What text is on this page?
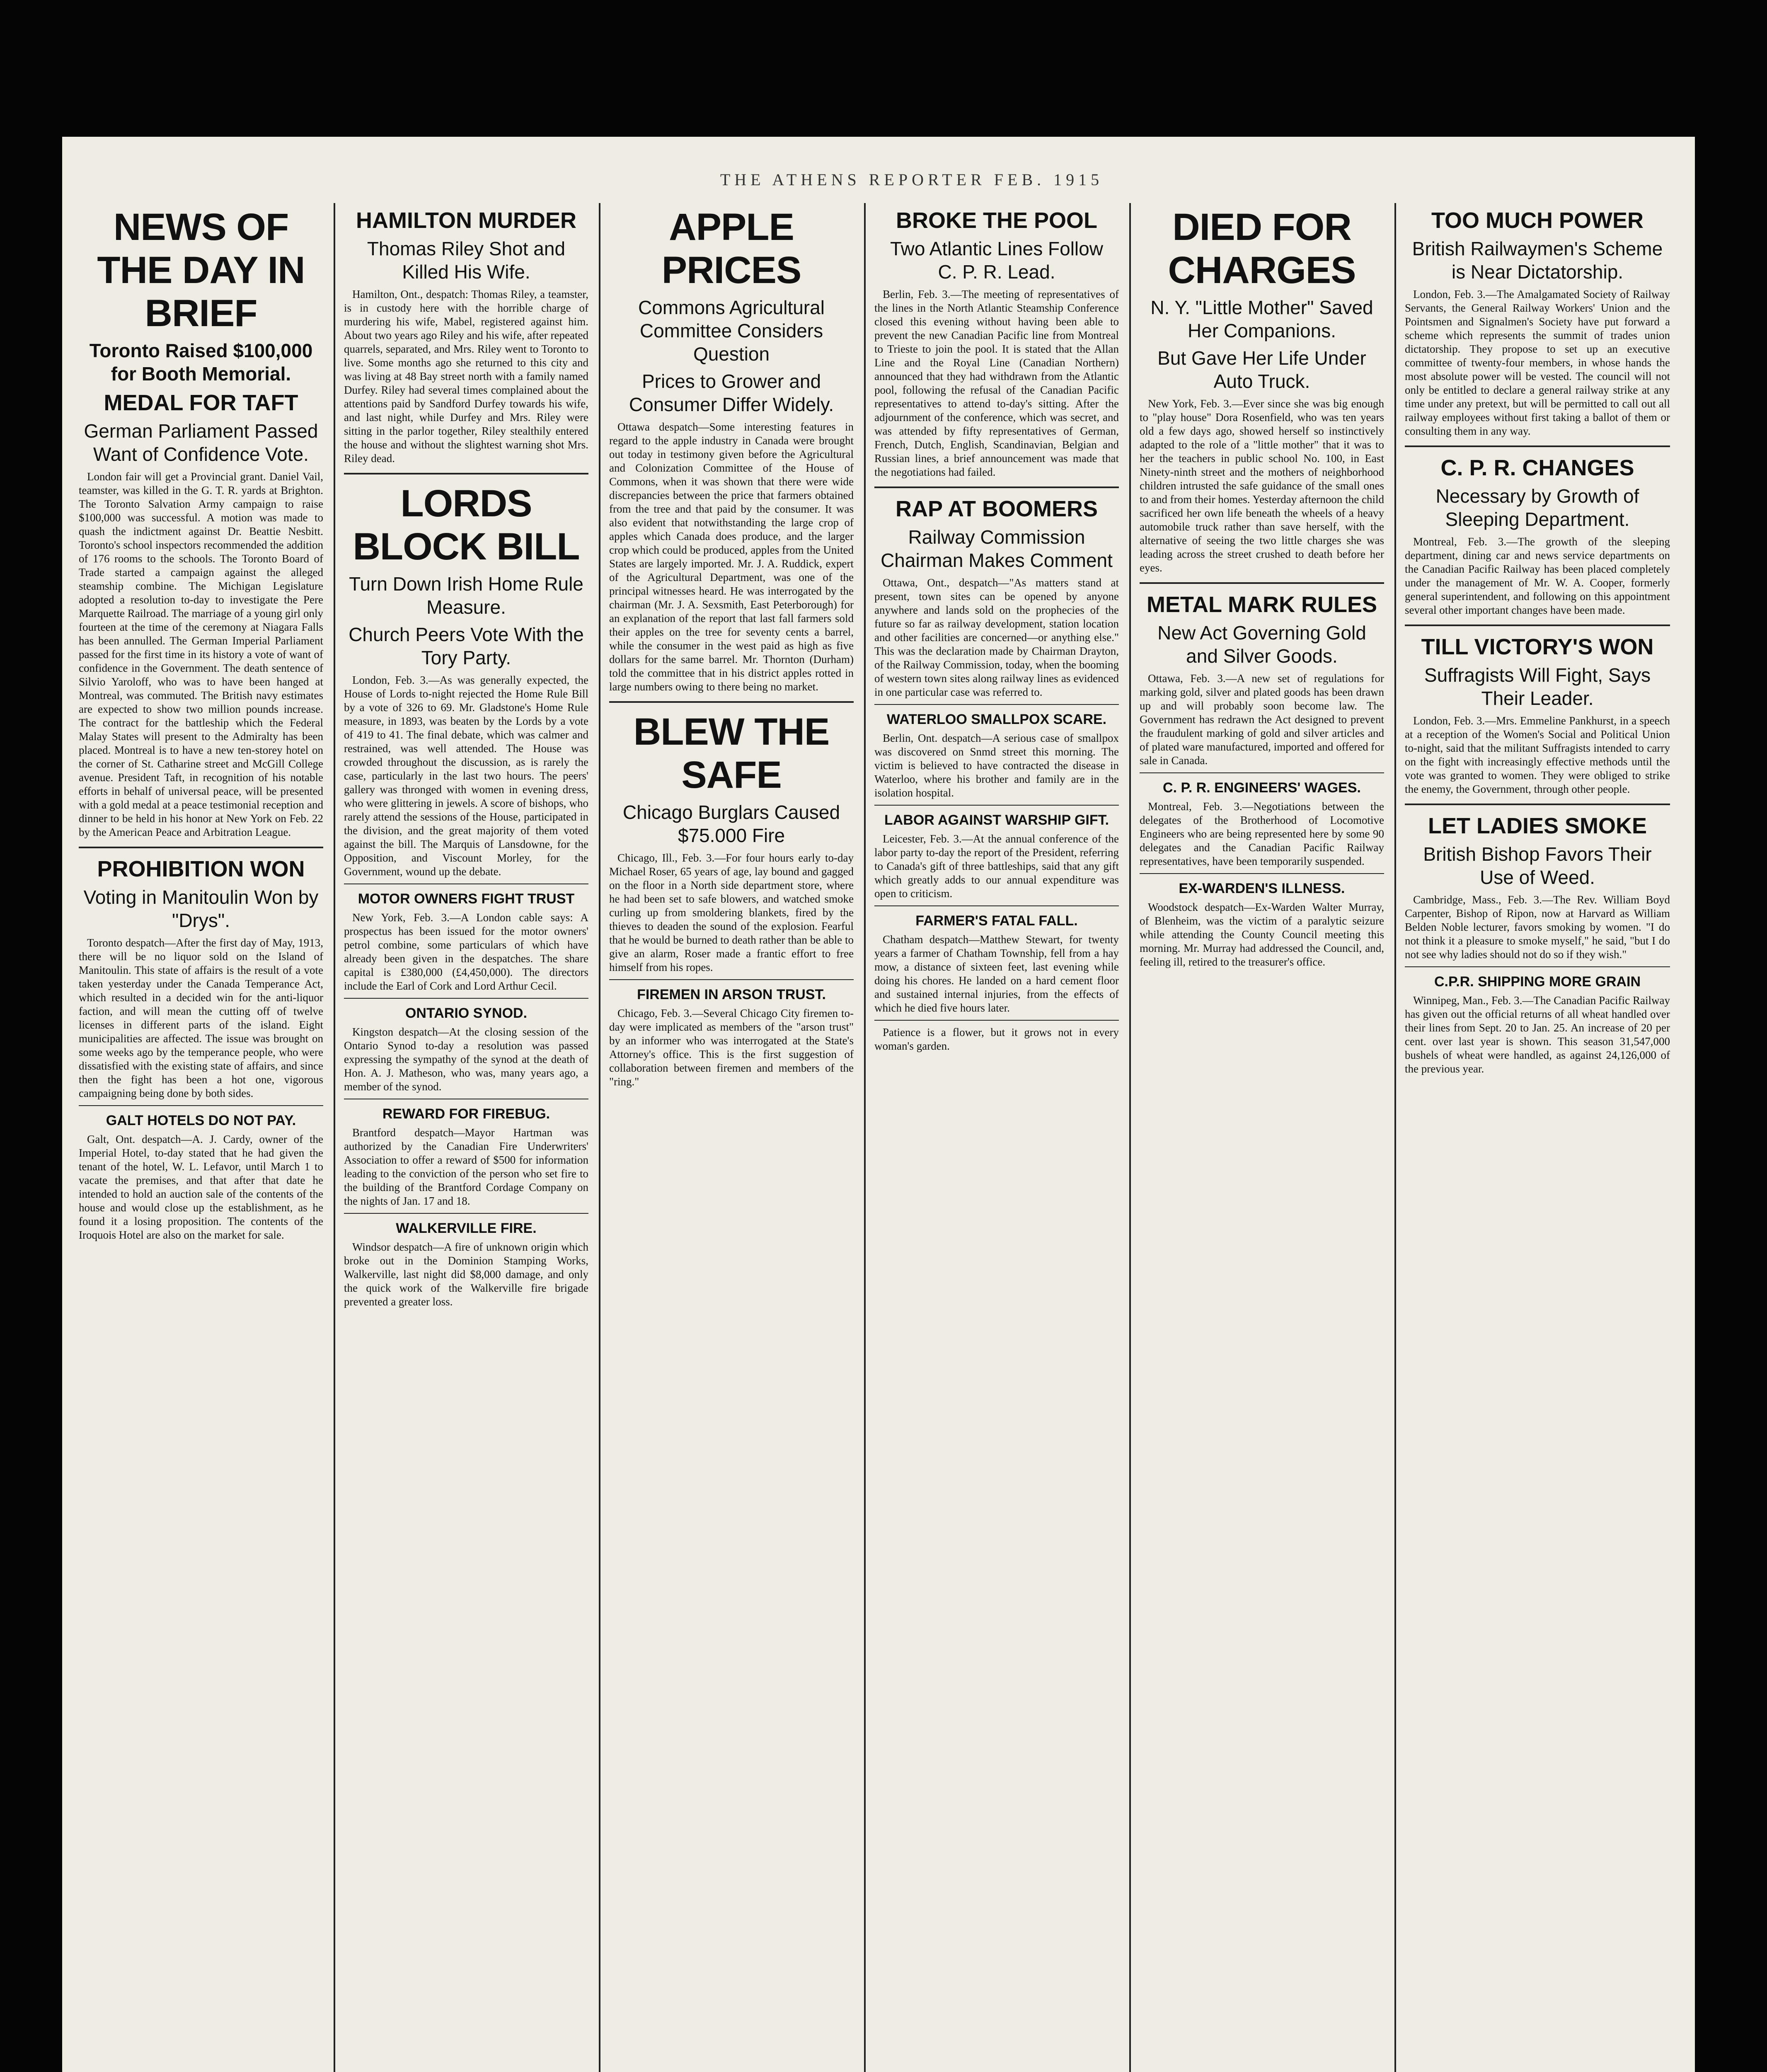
THE ATHENS REPORTER FEB. 1915
NEWS OF THE DAY IN BRIEF
Toronto Raised $100,000 for Booth Memorial.
MEDAL FOR TAFT
German Parliament Passed Want of Confidence Vote.
London fair will get a Provincial grant. Daniel Vail, teamster, was killed in the G. T. R. yards at Brighton. The Toronto Salvation Army campaign to raise $100,000 was successful. A motion was made to quash the indictment against Dr. Beattie Nesbitt. Toronto's school inspectors recommended the addition of 176 rooms to the schools. The Toronto Board of Trade started a campaign against the alleged steamship combine. The Michigan Legislature adopted a resolution to-day to investigate the Pere Marquette Railroad. The marriage of a young girl only fourteen at the time of the ceremony at Niagara Falls has been annulled. The German Imperial Parliament passed for the first time in its history a vote of want of confidence in the Government. The death sentence of Silvio Yaroloff, who was to have been hanged at Montreal, was commuted. The British navy estimates are expected to show two million pounds increase. The contract for the battleship which the Federal Malay States will present to the Admiralty has been placed. Montreal is to have a new ten-storey hotel on the corner of St. Catharine street and McGill College avenue. President Taft, in recognition of his notable efforts in behalf of universal peace, will be presented with a gold medal at a peace testimonial reception and dinner to be held in his honor at New York on Feb. 22 by the American Peace and Arbitration League.
PROHIBITION WON
Voting in Manitoulin Won by "Drys".
Toronto despatch—After the first day of May, 1913, there will be no liquor sold on the Island of Manitoulin. This state of affairs is the result of a vote taken yesterday under the Canada Temperance Act, which resulted in a decided win for the anti-liquor faction, and will mean the cutting off of twelve licenses in different parts of the island. Eight municipalities are affected. The issue was brought on some weeks ago by the temperance people, who were dissatisfied with the existing state of affairs, and since then the fight has been a hot one, vigorous campaigning being done by both sides.
GALT HOTELS DO NOT PAY.
Galt, Ont. despatch—A. J. Cardy, owner of the Imperial Hotel, to-day stated that he had given the tenant of the hotel, W. L. Lefavor, until March 1 to vacate the premises, and that after that date he intended to hold an auction sale of the contents of the house and would close up the establishment, as he found it a losing proposition. The contents of the Iroquois Hotel are also on the market for sale.
HAMILTON MURDER
Thomas Riley Shot and Killed His Wife.
Hamilton, Ont., despatch: Thomas Riley, a teamster, is in custody here with the horrible charge of murdering his wife, Mabel, registered against him. About two years ago Riley and his wife, after repeated quarrels, separated, and Mrs. Riley went to Toronto to live. Some months ago she returned to this city and was living at 48 Bay street north with a family named Durfey. Riley had several times complained about the attentions paid by Sandford Durfey towards his wife, and last night, while Durfey and Mrs. Riley were sitting in the parlor together, Riley stealthily entered the house and without the slightest warning shot Mrs. Riley dead.
LORDS BLOCK BILL
Turn Down Irish Home Rule Measure.
Church Peers Vote With the Tory Party.
London, Feb. 3.—As was generally expected, the House of Lords to-night rejected the Home Rule Bill by a vote of 326 to 69. Mr. Gladstone's Home Rule measure, in 1893, was beaten by the Lords by a vote of 419 to 41. The final debate, which was calmer and restrained, was well attended. The House was crowded throughout the discussion, as is rarely the case, particularly in the last two hours. The peers' gallery was thronged with women in evening dress, who were glittering in jewels. A score of bishops, who rarely attend the sessions of the House, participated in the division, and the great majority of them voted against the bill. The Marquis of Lansdowne, for the Opposition, and Viscount Morley, for the Government, wound up the debate.
MOTOR OWNERS FIGHT TRUST
New York, Feb. 3.—A London cable says: A prospectus has been issued for the motor owners' petrol combine, some particulars of which have already been given in the despatches. The share capital is £380,000 (£4,450,000). The directors include the Earl of Cork and Lord Arthur Cecil.
ONTARIO SYNOD.
Kingston despatch—At the closing session of the Ontario Synod to-day a resolution was passed expressing the sympathy of the synod at the death of Hon. A. J. Matheson, who was, many years ago, a member of the synod.
REWARD FOR FIREBUG.
Brantford despatch—Mayor Hartman was authorized by the Canadian Fire Underwriters' Association to offer a reward of $500 for information leading to the conviction of the person who set fire to the building of the Brantford Cordage Company on the nights of Jan. 17 and 18.
WALKERVILLE FIRE.
Windsor despatch—A fire of unknown origin which broke out in the Dominion Stamping Works, Walkerville, last night did $8,000 damage, and only the quick work of the Walkerville fire brigade prevented a greater loss.
APPLE PRICES
Commons Agricultural Committee Considers Question
Prices to Grower and Consumer Differ Widely.
Ottawa despatch—Some interesting features in regard to the apple industry in Canada were brought out today in testimony given before the Agricultural and Colonization Committee of the House of Commons, when it was shown that there were wide discrepancies between the price that farmers obtained from the tree and that paid by the consumer. It was also evident that notwithstanding the large crop of apples which Canada does produce, and the larger crop which could be produced, apples from the United States are largely imported. Mr. J. A. Ruddick, expert of the Agricultural Department, was one of the principal witnesses heard. He was interrogated by the chairman (Mr. J. A. Sexsmith, East Peterborough) for an explanation of the report that last fall farmers sold their apples on the tree for seventy cents a barrel, while the consumer in the west paid as high as five dollars for the same barrel. Mr. Thornton (Durham) told the committee that in his district apples rotted in large numbers owing to there being no market.
BLEW THE SAFE
Chicago Burglars Caused $75.000 Fire
Chicago, Ill., Feb. 3.—For four hours early to-day Michael Roser, 65 years of age, lay bound and gagged on the floor in a North side department store, where he had been set to safe blowers, and watched smoke curling up from smoldering blankets, fired by the thieves to deaden the sound of the explosion. Fearful that he would be burned to death rather than be able to give an alarm, Roser made a frantic effort to free himself from his ropes.
FIREMEN IN ARSON TRUST.
Chicago, Feb. 3.—Several Chicago City firemen to-day were implicated as members of the "arson trust" by an informer who was interrogated at the State's Attorney's office. This is the first suggestion of collaboration between firemen and members of the "ring."
BROKE THE POOL
Two Atlantic Lines Follow C. P. R. Lead.
Berlin, Feb. 3.—The meeting of representatives of the lines in the North Atlantic Steamship Conference closed this evening without having been able to prevent the new Canadian Pacific line from Montreal to Trieste to join the pool. It is stated that the Allan Line and the Royal Line (Canadian Northern) announced that they had withdrawn from the Atlantic pool, following the refusal of the Canadian Pacific representatives to attend to-day's sitting. After the adjournment of the conference, which was secret, and was attended by fifty representatives of German, French, Dutch, English, Scandinavian, Belgian and Russian lines, a brief announcement was made that the negotiations had failed.
RAP AT BOOMERS
Railway Commission Chairman Makes Comment
Ottawa, Ont., despatch—"As matters stand at present, town sites can be opened by anyone anywhere and lands sold on the prophecies of the future so far as railway development, station location and other facilities are concerned—or anything else." This was the declaration made by Chairman Drayton, of the Railway Commission, today, when the booming of western town sites along railway lines as evidenced in one particular case was referred to.
WATERLOO SMALLPOX SCARE.
Berlin, Ont. despatch—A serious case of smallpox was discovered on Snmd street this morning. The victim is believed to have contracted the disease in Waterloo, where his brother and family are in the isolation hospital.
LABOR AGAINST WARSHIP GIFT.
Leicester, Feb. 3.—At the annual conference of the labor party to-day the report of the President, referring to Canada's gift of three battleships, said that any gift which greatly adds to our annual expenditure was open to criticism.
FARMER'S FATAL FALL.
Chatham despatch—Matthew Stewart, for twenty years a farmer of Chatham Township, fell from a hay mow, a distance of sixteen feet, last evening while doing his chores. He landed on a hard cement floor and sustained internal injuries, from the effects of which he died five hours later.
Patience is a flower, but it grows not in every woman's garden.
DIED FOR CHARGES
N. Y. "Little Mother" Saved Her Companions.
But Gave Her Life Under Auto Truck.
New York, Feb. 3.—Ever since she was big enough to "play house" Dora Rosenfield, who was ten years old a few days ago, showed herself so instinctively adapted to the role of a "little mother" that it was to her the teachers in public school No. 100, in East Ninety-ninth street and the mothers of neighborhood children intrusted the safe guidance of the small ones to and from their homes. Yesterday afternoon the child sacrificed her own life beneath the wheels of a heavy automobile truck rather than save herself, with the alternative of seeing the two little charges she was leading across the street crushed to death before her eyes.
METAL MARK RULES
New Act Governing Gold and Silver Goods.
Ottawa, Feb. 3.—A new set of regulations for marking gold, silver and plated goods has been drawn up and will probably soon become law. The Government has redrawn the Act designed to prevent the fraudulent marking of gold and silver articles and of plated ware manufactured, imported and offered for sale in Canada.
C. P. R. ENGINEERS' WAGES.
Montreal, Feb. 3.—Negotiations between the delegates of the Brotherhood of Locomotive Engineers who are being represented here by some 90 delegates and the Canadian Pacific Railway representatives, have been temporarily suspended.
EX-WARDEN'S ILLNESS.
Woodstock despatch—Ex-Warden Walter Murray, of Blenheim, was the victim of a paralytic seizure while attending the County Council meeting this morning. Mr. Murray had addressed the Council, and, feeling ill, retired to the treasurer's office.
TOO MUCH POWER
British Railwaymen's Scheme is Near Dictatorship.
London, Feb. 3.—The Amalgamated Society of Railway Servants, the General Railway Workers' Union and the Pointsmen and Signalmen's Society have put forward a scheme which represents the summit of trades union dictatorship. They propose to set up an executive committee of twenty-four members, in whose hands the most absolute power will be vested. The council will not only be entitled to declare a general railway strike at any time under any pretext, but will be permitted to call out all railway employees without first taking a ballot of them or consulting them in any way.
C. P. R. CHANGES
Necessary by Growth of Sleeping Department.
Montreal, Feb. 3.—The growth of the sleeping department, dining car and news service departments on the Canadian Pacific Railway has been placed completely under the management of Mr. W. A. Cooper, formerly general superintendent, and following on this appointment several other important changes have been made.
TILL VICTORY'S WON
Suffragists Will Fight, Says Their Leader.
London, Feb. 3.—Mrs. Emmeline Pankhurst, in a speech at a reception of the Women's Social and Political Union to-night, said that the militant Suffragists intended to carry on the fight with increasingly effective methods until the vote was granted to women. They were obliged to strike the enemy, the Government, through other people.
LET LADIES SMOKE
British Bishop Favors Their Use of Weed.
Cambridge, Mass., Feb. 3.—The Rev. William Boyd Carpenter, Bishop of Ripon, now at Harvard as William Belden Noble lecturer, favors smoking by women. "I do not think it a pleasure to smoke myself," he said, "but I do not see why ladies should not do so if they wish."
C.P.R. SHIPPING MORE GRAIN
Winnipeg, Man., Feb. 3.—The Canadian Pacific Railway has given out the official returns of all wheat handled over their lines from Sept. 20 to Jan. 25. An increase of 20 per cent. over last year is shown. This season 31,547,000 bushels of wheat were handled, as against 24,126,000 of the previous year.
